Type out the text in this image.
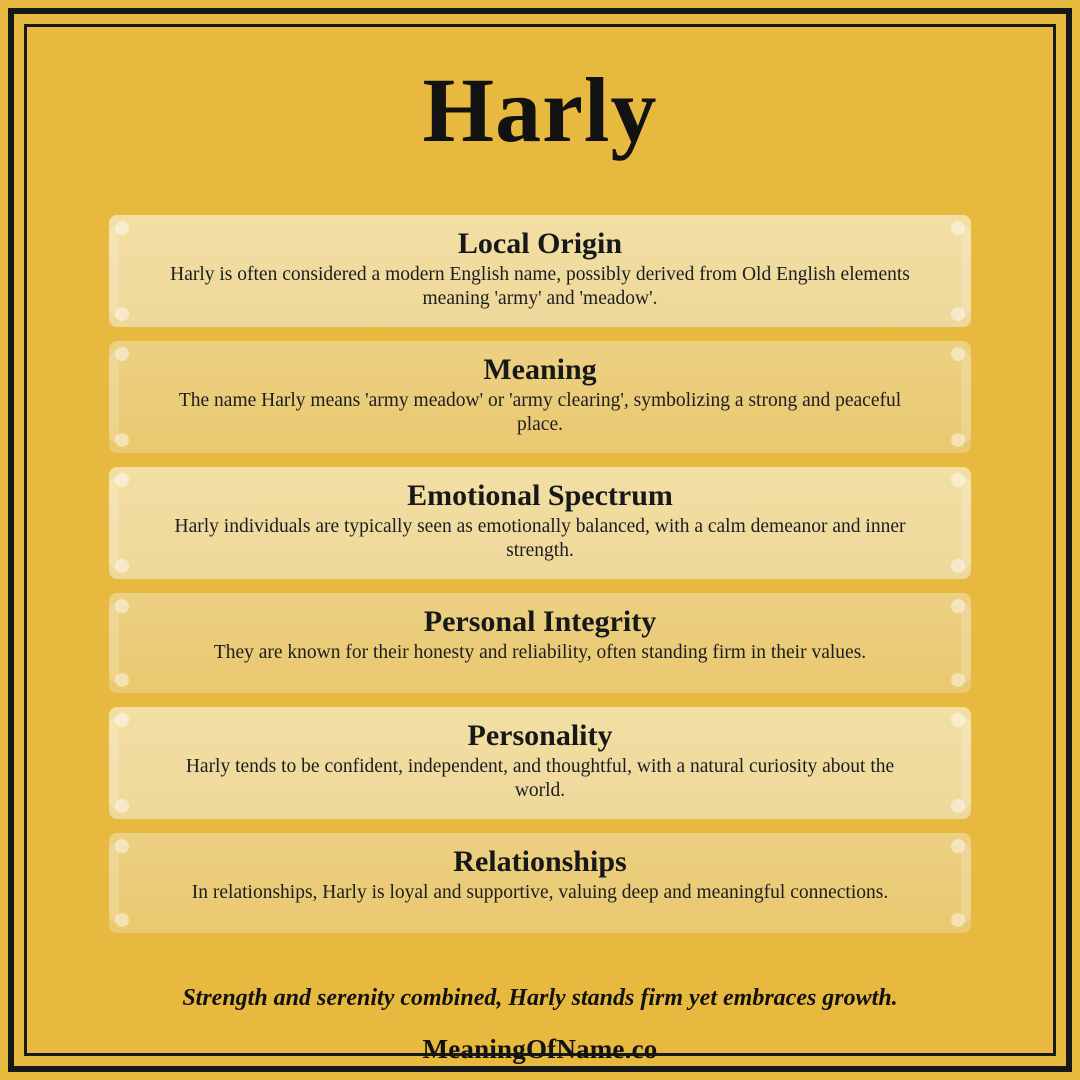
Harly
Local Origin
Harly is often considered a modern English name, possibly derived from Old English elements meaning 'army' and 'meadow'.
Meaning
The name Harly means 'army meadow' or 'army clearing', symbolizing a strong and peaceful place.
Emotional Spectrum
Harly individuals are typically seen as emotionally balanced, with a calm demeanor and inner strength.
Personal Integrity
They are known for their honesty and reliability, often standing firm in their values.
Personality
Harly tends to be confident, independent, and thoughtful, with a natural curiosity about the world.
Relationships
In relationships, Harly is loyal and supportive, valuing deep and meaningful connections.
Strength and serenity combined, Harly stands firm yet embraces growth.
MeaningOfName.co
